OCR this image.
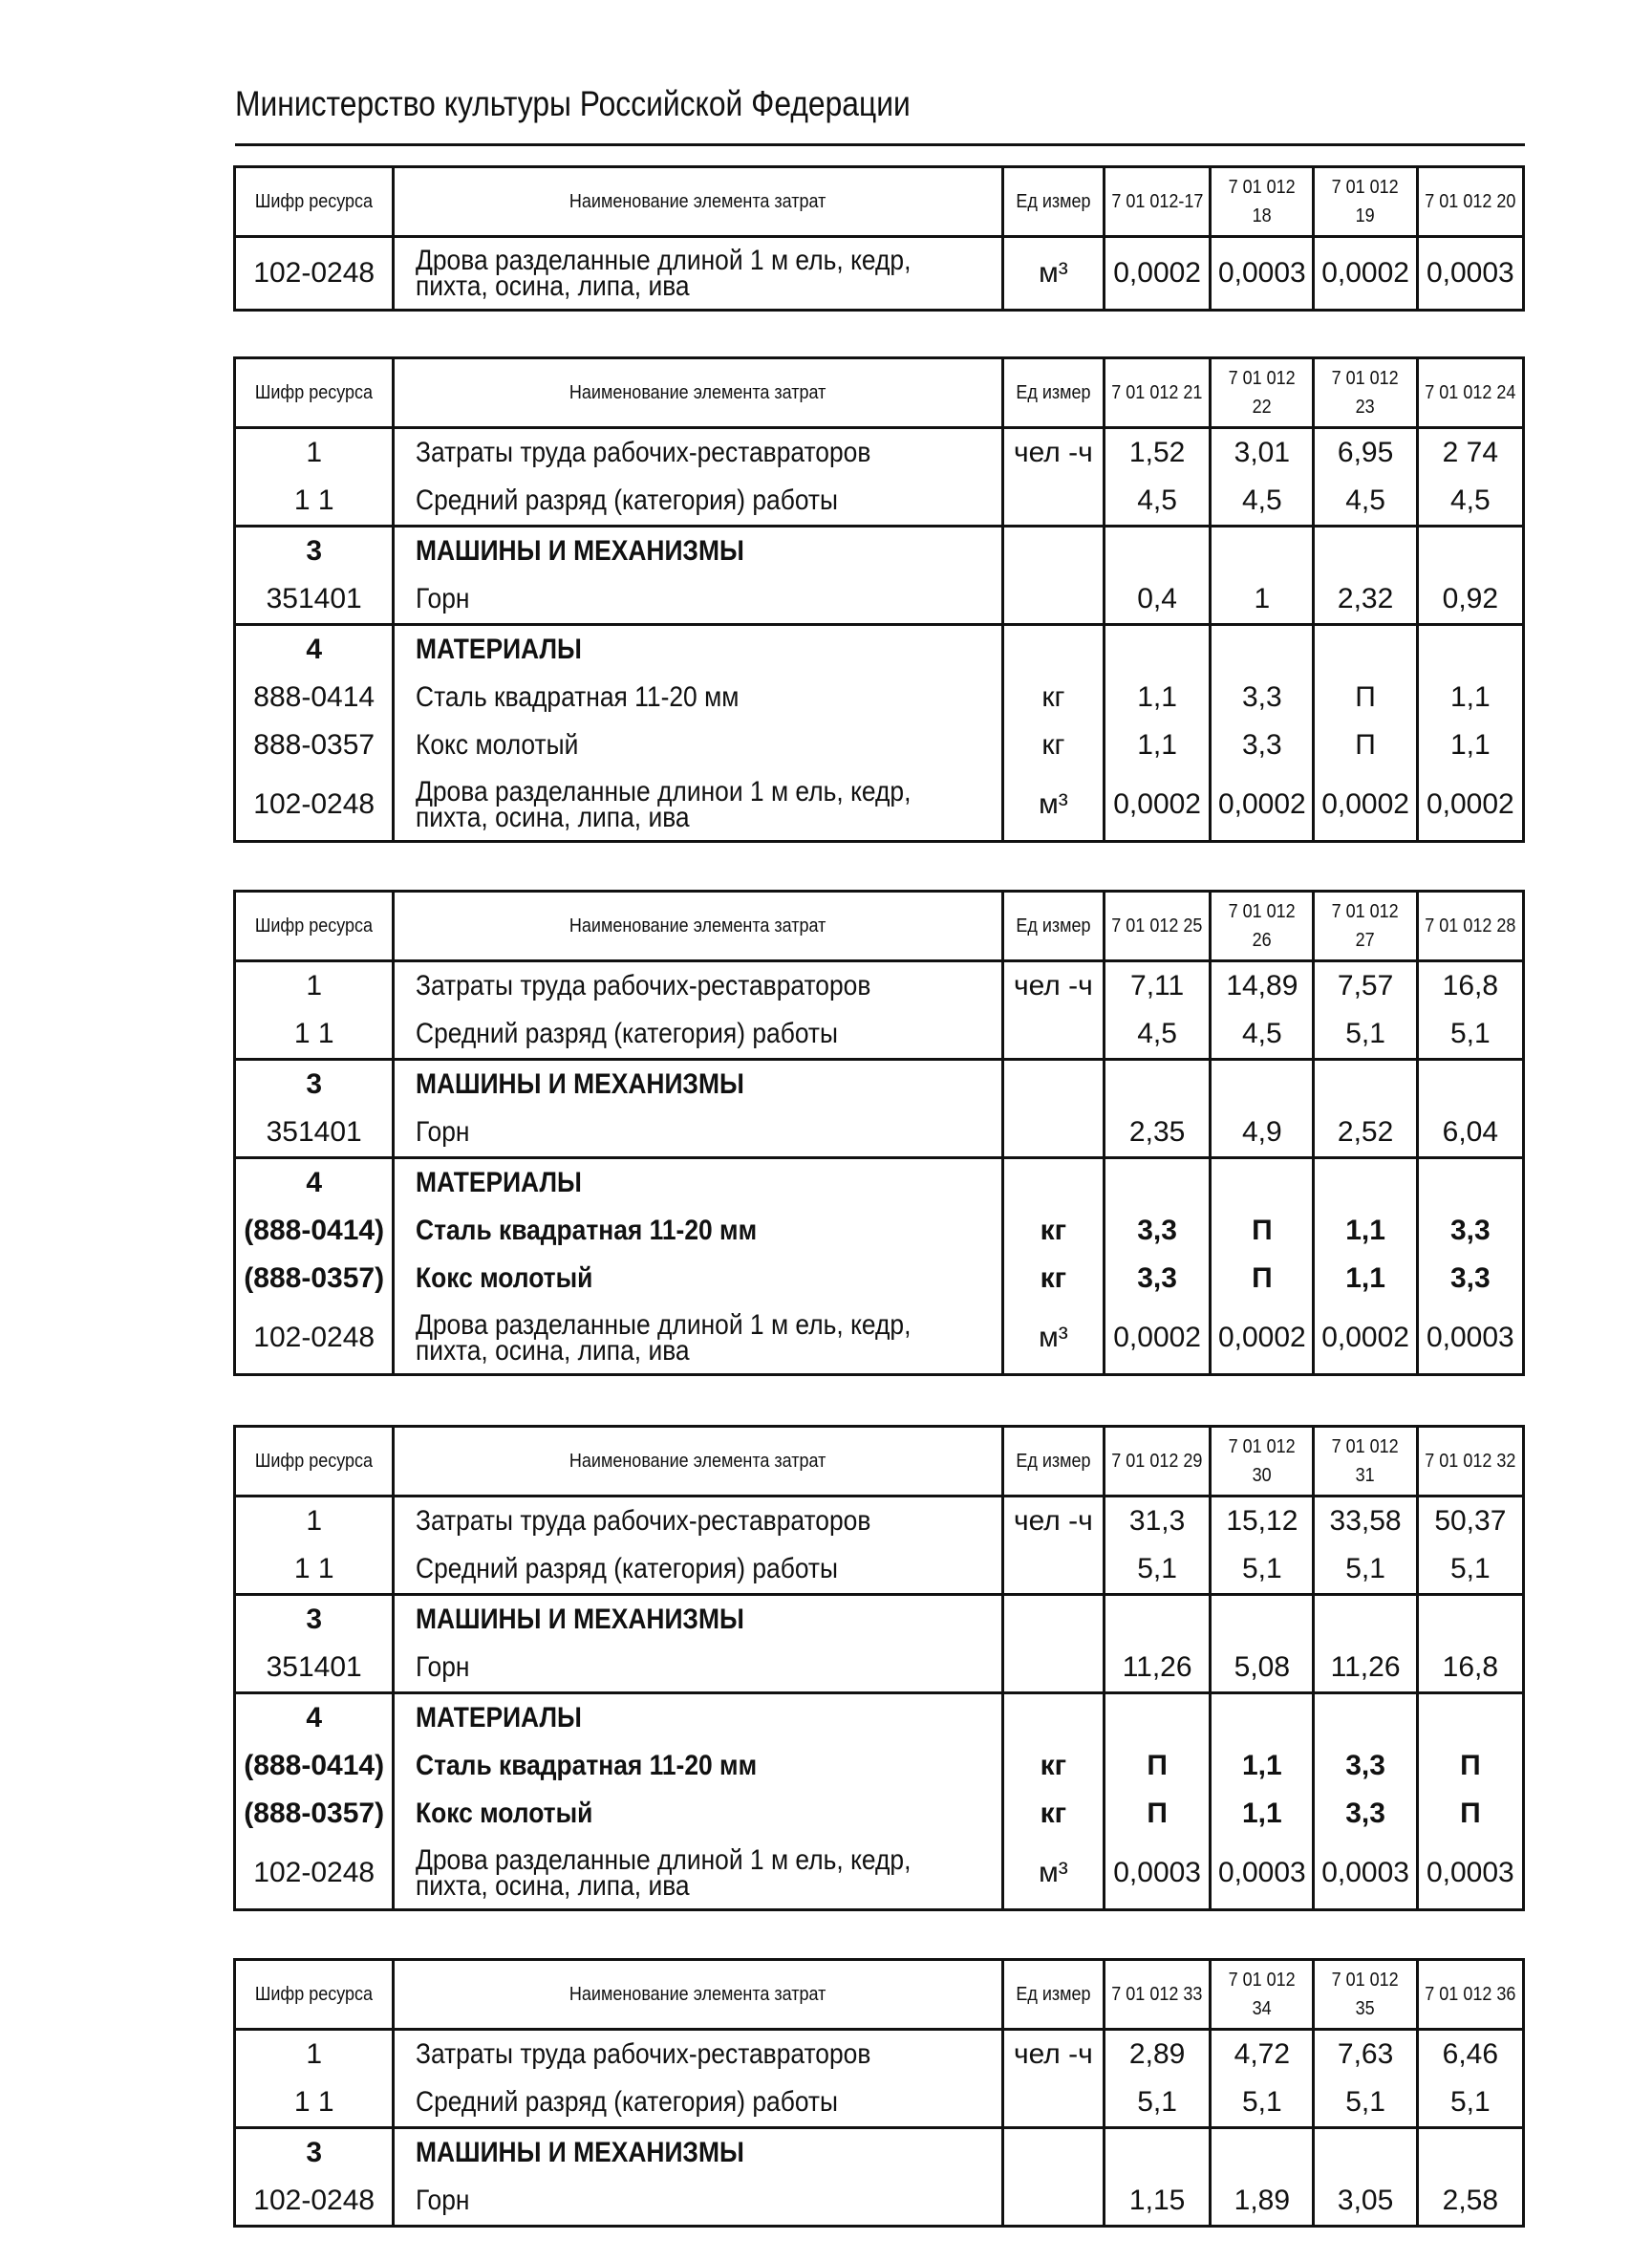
Министерство культуры Российской Федерации
Шифр ресурса	Наименование элемента затрат	Ед измер	7 01 012-17	7 01 012 18	7 01 012 19	7 01 012 20
102-0248	Дрова разделанные длиной 1 м ель, кедр, пихта, осина, липа, ива	м³	0,0002	0,0003	0,0002	0,0003
Шифр ресурса	Наименование элемента затрат	Ед измер	7 01 012 21	7 01 012 22	7 01 012 23	7 01 012 24
1	Затраты труда рабочих-реставраторов	чел -ч	1,52	3,01	6,95	2 74
1 1	Средний разряд (категория) работы		4,5	4,5	4,5	4,5
3	МАШИНЫ И МЕХАНИЗМЫ					
351401	Горн		0,4	1	2,32	0,92
4	МАТЕРИАЛЫ					
888-0414	Сталь квадратная 11-20 мм	кг	1,1	3,3	П	1,1
888-0357	Кокс молотый	кг	1,1	3,3	П	1,1
102-0248	Дрова разделанные длинои 1 м ель, кедр, пихта, осина, липа, ива	м³	0,0002	0,0002	0,0002	0,0002
Шифр ресурса	Наименование элемента затрат	Ед измер	7 01 012 25	7 01 012 26	7 01 012 27	7 01 012 28
1	Затраты труда рабочих-реставраторов	чел -ч	7,11	14,89	7,57	16,8
1 1	Средний разряд (категория) работы		4,5	4,5	5,1	5,1
3	МАШИНЫ И МЕХАНИЗМЫ					
351401	Горн		2,35	4,9	2,52	6,04
4	МАТЕРИАЛЫ					
(888-0414)	Сталь квадратная 11-20 мм	кг	3,3	П	1,1	3,3
(888-0357)	Кокс молотый	кг	3,3	П	1,1	3,3
102-0248	Дрова разделанные длиной 1 м ель, кедр, пихта, осина, липа, ива	м³	0,0002	0,0002	0,0002	0,0003
Шифр ресурса	Наименование элемента затрат	Ед измер	7 01 012 29	7 01 012 30	7 01 012 31	7 01 012 32
1	Затраты труда рабочих-реставраторов	чел -ч	31,3	15,12	33,58	50,37
1 1	Средний разряд (категория) работы		5,1	5,1	5,1	5,1
3	МАШИНЫ И МЕХАНИЗМЫ					
351401	Горн		11,26	5,08	11,26	16,8
4	МАТЕРИАЛЫ					
(888-0414)	Сталь квадратная 11-20 мм	кг	П	1,1	3,3	П
(888-0357)	Кокс молотый	кг	П	1,1	3,3	П
102-0248	Дрова разделанные длиной 1 м ель, кедр, пихта, осина, липа, ива	м³	0,0003	0,0003	0,0003	0,0003
Шифр ресурса	Наименование элемента затрат	Ед измер	7 01 012 33	7 01 012 34	7 01 012 35	7 01 012 36
1	Затраты труда рабочих-реставраторов	чел -ч	2,89	4,72	7,63	6,46
1 1	Средний разряд (категория) работы		5,1	5,1	5,1	5,1
3	МАШИНЫ И МЕХАНИЗМЫ					
102-0248	Горн		1,15	1,89	3,05	2,58
